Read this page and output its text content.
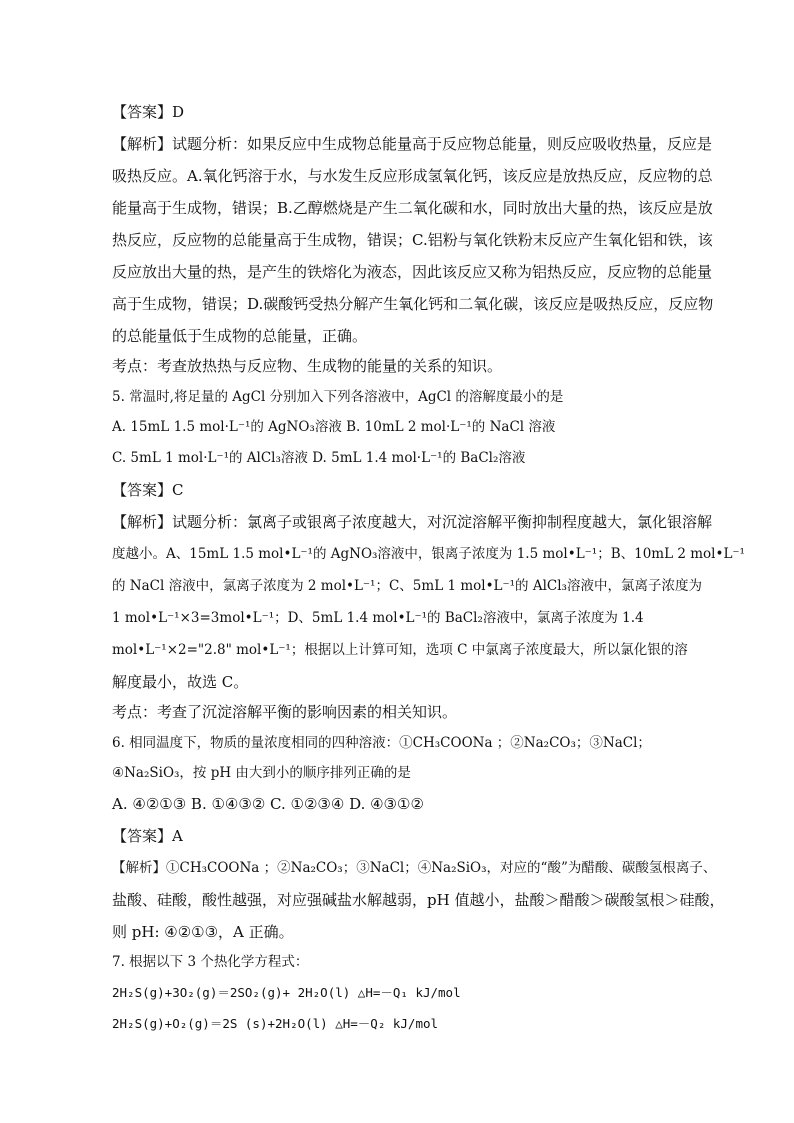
【答案】D
【解析】试题分析：如果反应中生成物总能量高于反应物总能量，则反应吸收热量，反应是
吸热反应。A.氧化钙溶于水，与水发生反应形成氢氧化钙，该反应是放热反应，反应物的总
能量高于生成物，错误；B.乙醇燃烧是产生二氧化碳和水，同时放出大量的热，该反应是放
热反应，反应物的总能量高于生成物，错误；C.铝粉与氧化铁粉末反应产生氧化铝和铁，该
反应放出大量的热，是产生的铁熔化为液态，因此该反应又称为铝热反应，反应物的总能量
高于生成物，错误；D.碳酸钙受热分解产生氧化钙和二氧化碳，该反应是吸热反应，反应物
的总能量低于生成物的总能量，正确。
考点：考查放热热与反应物、生成物的能量的关系的知识。
5. 常温时,将足量的 AgCl 分别加入下列各溶液中，AgCl 的溶解度最小的是
A. 15mL 1.5 mol·L⁻¹的 AgNO₃溶液 B. 10mL 2 mol·L⁻¹的 NaCl 溶液
C. 5mL 1 mol·L⁻¹的 AlCl₃溶液 D. 5mL 1.4 mol·L⁻¹的 BaCl₂溶液
【答案】C
【解析】试题分析：氯离子或银离子浓度越大，对沉淀溶解平衡抑制程度越大，氯化银溶解
度越小。A、15mL 1.5 mol•L⁻¹的 AgNO₃溶液中，银离子浓度为 1.5 mol•L⁻¹；B、10mL 2 mol•L⁻¹
的 NaCl 溶液中，氯离子浓度为 2 mol•L⁻¹；C、5mL 1 mol•L⁻¹的 AlCl₃溶液中，氯离子浓度为
1 mol•L⁻¹×3=3mol•L⁻¹；D、5mL 1.4 mol•L⁻¹的 BaCl₂溶液中，氯离子浓度为 1.4
mol•L⁻¹×2="2.8" mol•L⁻¹；根据以上计算可知，选项 C 中氯离子浓度最大，所以氯化银的溶
解度最小，故选 C。
考点：考查了沉淀溶解平衡的影响因素的相关知识。
6. 相同温度下，物质的量浓度相同的四种溶液：①CH₃COONa ；②Na₂CO₃；③NaCl；
④Na₂SiO₃，按 pH 由大到小的顺序排列正确的是
A. ④②①③ B. ①④③② C. ①②③④ D. ④③①②
【答案】A
【解析】①CH₃COONa ；②Na₂CO₃；③NaCl；④Na₂SiO₃，对应的“酸”为醋酸、碳酸氢根离子、
盐酸、硅酸，酸性越强，对应强碱盐水解越弱，pH 值越小，盐酸＞醋酸＞碳酸氢根＞硅酸，
则 pH: ④②①③，A 正确。
7. 根据以下 3 个热化学方程式：
2H₂S(g)+3O₂(g)＝2SO₂(g)+ 2H₂O(l) △H=－Q₁ kJ/mol
2H₂S(g)+O₂(g)＝2S (s)+2H₂O(l) △H=－Q₂ kJ/mol
